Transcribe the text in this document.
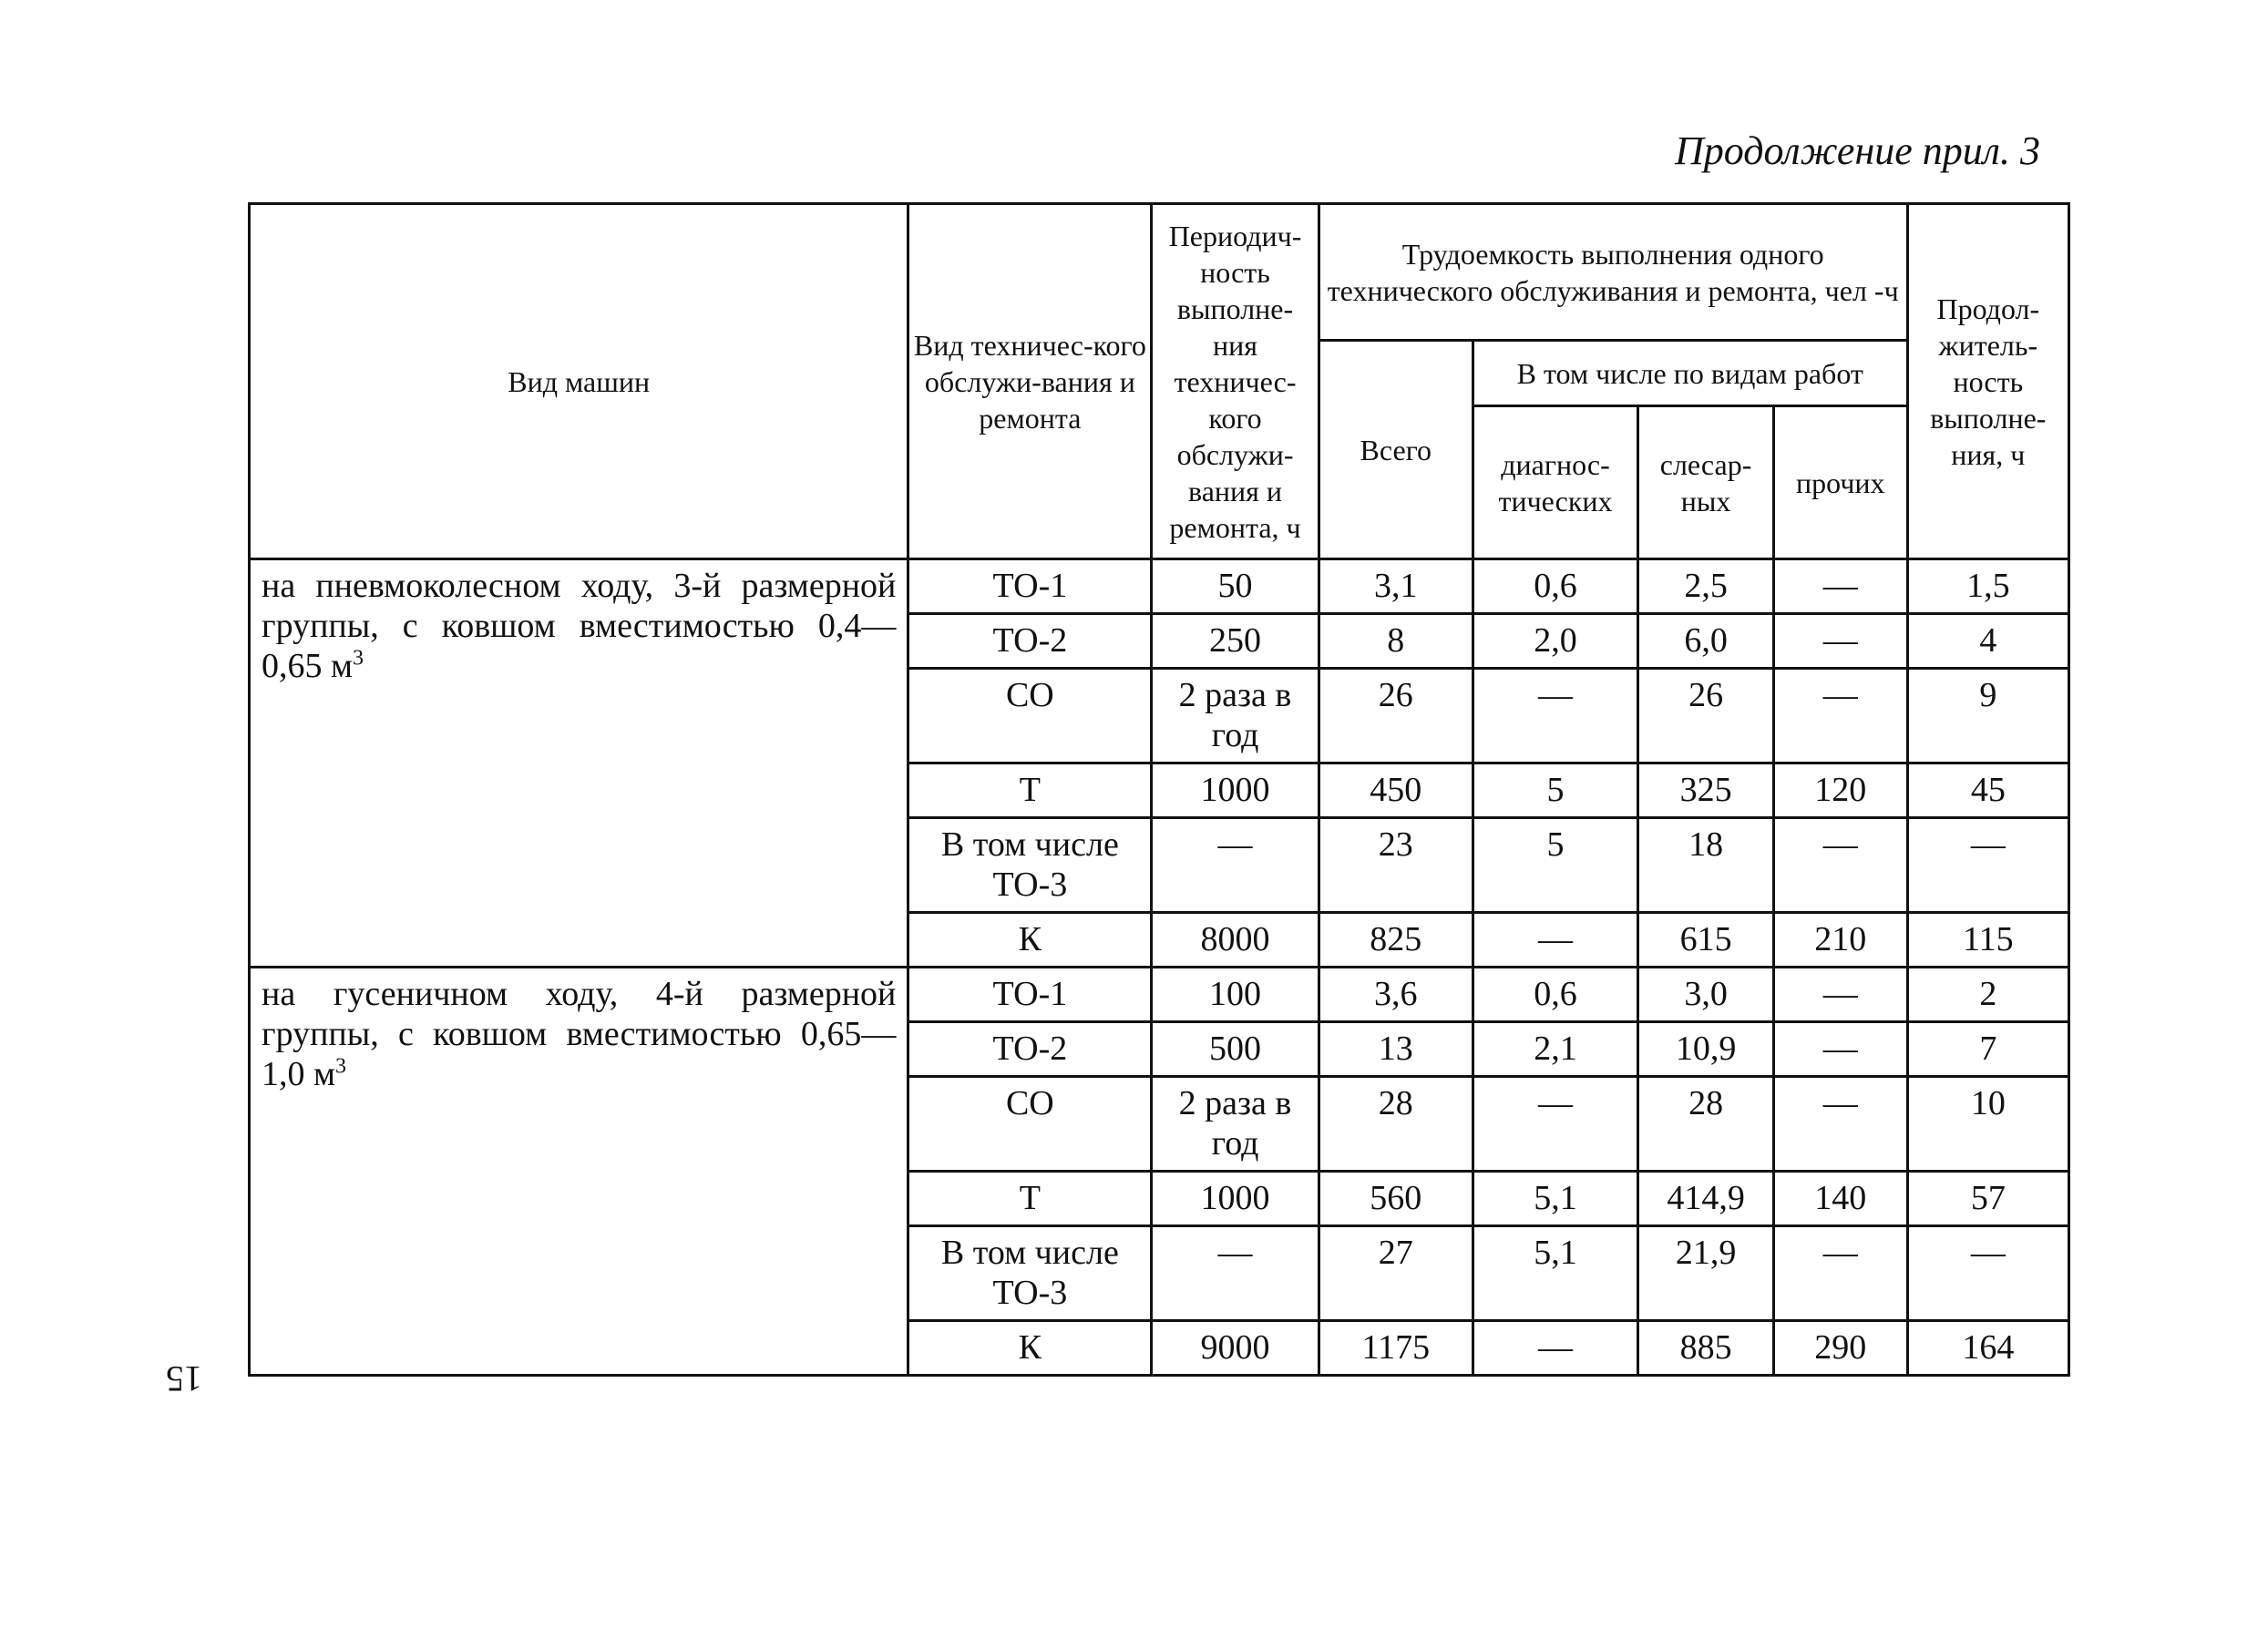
Продолжение прил. 3
15
Вид машин	Вид техничес-кого обслужи-вания и ремонта	Периодич-ность выполне-ния техничес-кого обслужи-вания и ремонта, ч	Трудоемкость выполнения одного технического обслуживания и ремонта, чел -ч				Продол-житель-ность выполне-ния, ч
			Всего	В том числе по видам работ			
				диагнос-тических	слесар-ных	прочих	
на пневмоколесном ходу, 3-й размерной группы, с ковшом вместимостью 0,4—0,65 $м^3$	ТО-1	50	3,1	0,6	2,5	—	1,5
	ТО-2	250	8	2,0	6,0	—	4
	СО	2 раза в год	26	—	26	—	9
	Т	1000	450	5	325	120	45
	В том числе ТО-3	—	23	5	18	—	—
	К	8000	825	—	615	210	115
на гусеничном ходу, 4-й размерной группы, с ковшом вместимостью 0,65—1,0 $м^3$	ТО-1	100	3,6	0,6	3,0	—	2
	ТО-2	500	13	2,1	10,9	—	7
	СО	2 раза в год	28	—	28	—	10
	Т	1000	560	5,1	414,9	140	57
	В том числе ТО-3	—	27	5,1	21,9	—	—
	К	9000	1175	—	885	290	164
